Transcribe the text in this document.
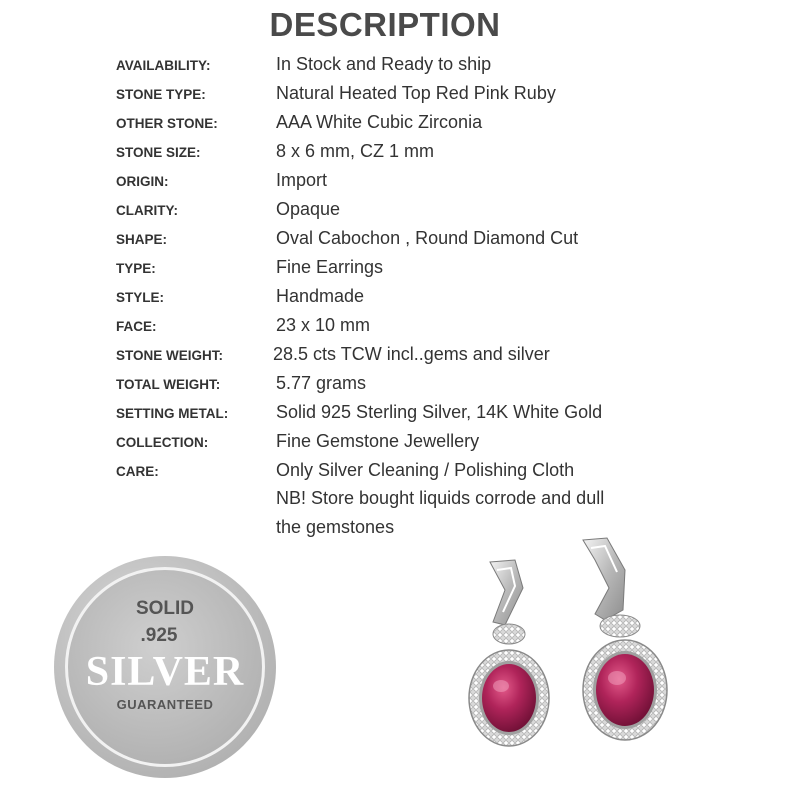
DESCRIPTION
AVAILABILITY:	In Stock and Ready to ship
STONE TYPE:	Natural Heated Top Red Pink Ruby
OTHER STONE:	AAA White Cubic Zirconia
STONE SIZE:	8 x 6 mm, CZ 1 mm
ORIGIN:	Import
CLARITY:	Opaque
SHAPE:	Oval Cabochon , Round Diamond Cut
TYPE:	Fine Earrings
STYLE:	Handmade
FACE:	23 x 10 mm
STONE WEIGHT:	28.5 cts TCW incl..gems and silver
TOTAL WEIGHT:	5.77 grams
SETTING METAL:	Solid 925 Sterling Silver, 14K White Gold
COLLECTION:	Fine Gemstone Jewellery
CARE:	Only Silver Cleaning / Polishing Cloth
NB! Store bought liquids corrode and dull
the gemstones
SOLID
.925
SILVER
GUARANTEED
